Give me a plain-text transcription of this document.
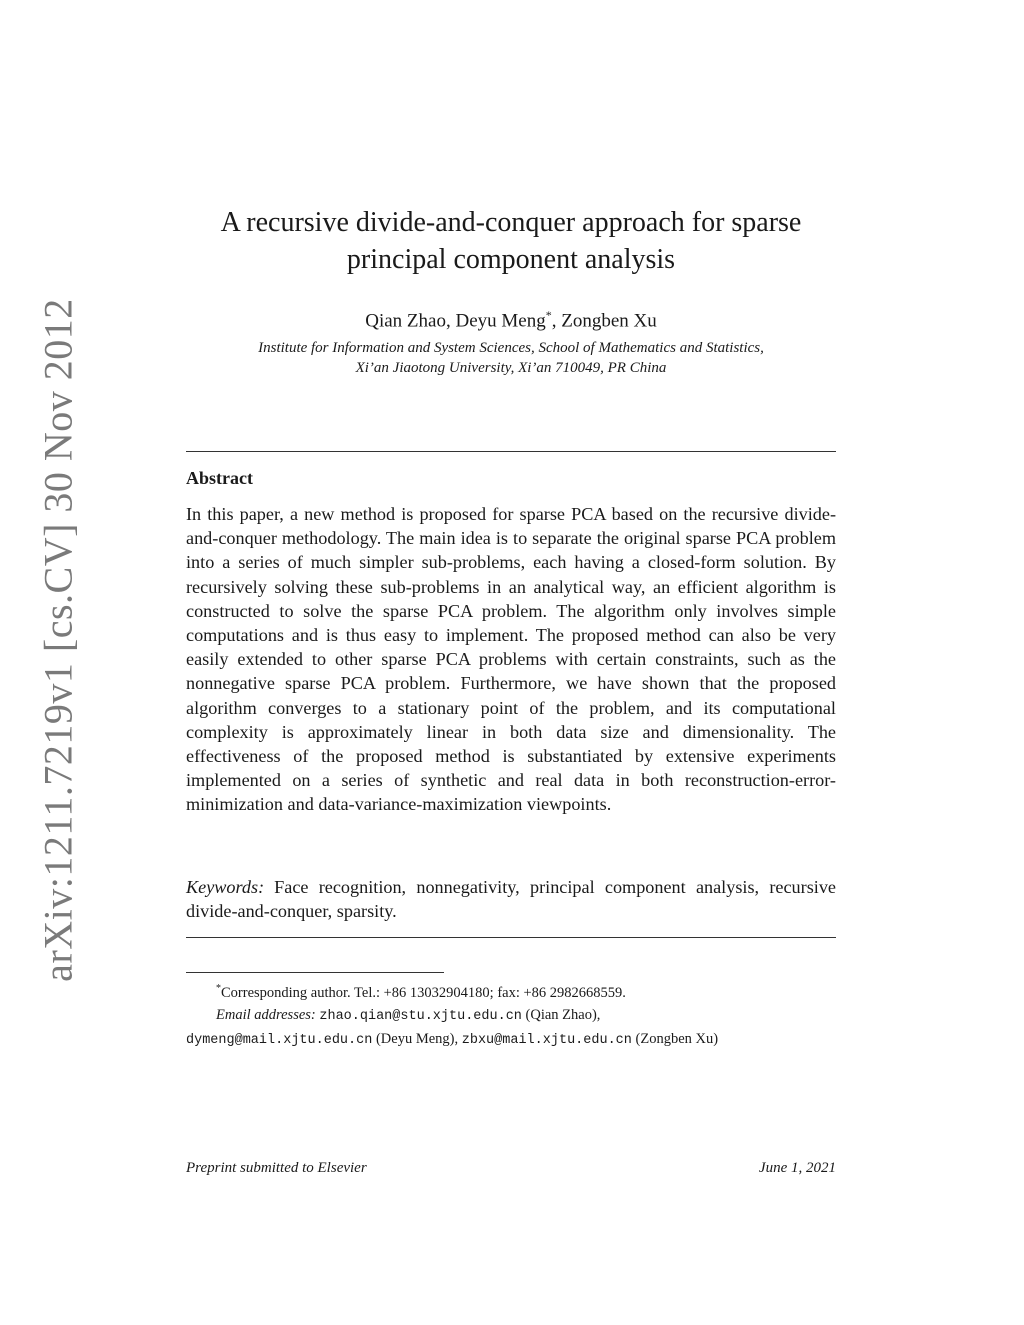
arXiv:1211.7219v1 [cs.CV] 30 Nov 2012
A recursive divide-and-conquer approach for sparse
principal component analysis
Qian Zhao, Deyu Meng*, Zongben Xu
Institute for Information and System Sciences, School of Mathematics and Statistics,
Xi’an Jiaotong University, Xi’an 710049, PR China
Abstract

In this paper, a new method is proposed for sparse PCA based on the recursive divide-and-conquer methodology. The main idea is to separate the original sparse PCA problem into a series of much simpler sub-problems, each having a closed-form solution. By recursively solving these sub-problems in an analytical way, an efficient algorithm is constructed to solve the sparse PCA problem. The algorithm only involves simple computations and is thus easy to implement. The proposed method can also be very easily extended to other sparse PCA problems with certain constraints, such as the nonnegative sparse PCA problem. Furthermore, we have shown that the proposed algorithm converges to a stationary point of the problem, and its computational complexity is approximately linear in both data size and dimensionality. The effectiveness of the proposed method is substantiated by extensive experiments implemented on a series of synthetic and real data in both reconstruction-error-minimization and data-variance-maximization viewpoints.

Keywords: Face recognition, nonnegativity, principal component analysis, recursive divide-and-conquer, sparsity.

*Corresponding author. Tel.: +86 13032904180; fax: +86 2982668559.
Email addresses: zhao.qian@stu.xjtu.edu.cn (Qian Zhao),
dymeng@mail.xjtu.edu.cn (Deyu Meng), zbxu@mail.xjtu.edu.cn (Zongben Xu)
Preprint submitted to Elsevier	June 1, 2021
